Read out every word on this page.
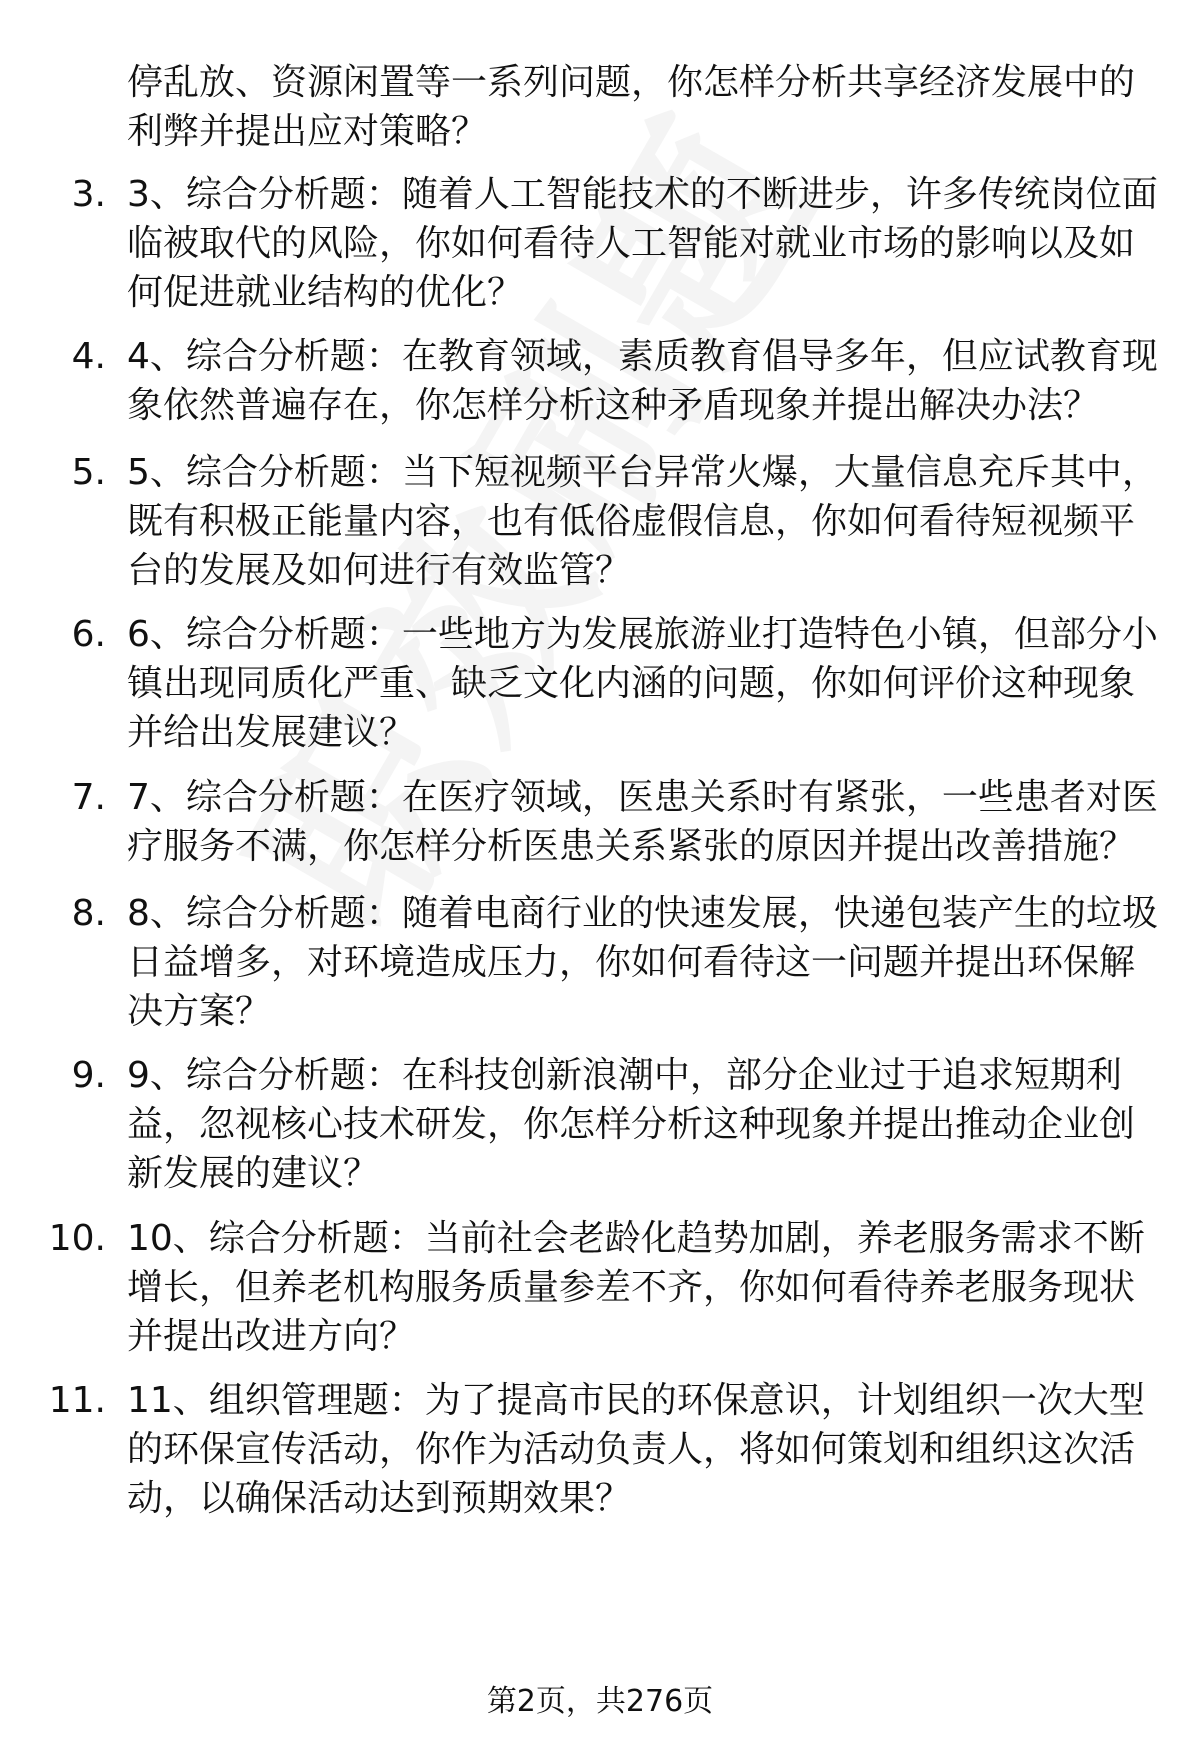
停乱放、资源闲置等一系列问题，你怎样分析共享经济发展中的
利弊并提出应对策略？
3. 3、综合分析题：随着人工智能技术的不断进步，许多传统岗位面
临被取代的风险，你如何看待人工智能对就业市场的影响以及如
何促进就业结构的优化？
4. 4、综合分析题：在教育领域，素质教育倡导多年，但应试教育现
象依然普遍存在，你怎样分析这种矛盾现象并提出解决办法？
5. 5、综合分析题：当下短视频平台异常火爆，大量信息充斥其中，
既有积极正能量内容，也有低俗虚假信息，你如何看待短视频平
台的发展及如何进行有效监管？
6. 6、综合分析题：一些地方为发展旅游业打造特色小镇，但部分小
镇出现同质化严重、缺乏文化内涵的问题，你如何评价这种现象
并给出发展建议？
7. 7、综合分析题：在医疗领域，医患关系时有紧张，一些患者对医
疗服务不满，你怎样分析医患关系紧张的原因并提出改善措施？
8. 8、综合分析题：随着电商行业的快速发展，快递包装产生的垃圾
日益增多，对环境造成压力，你如何看待这一问题并提出环保解
决方案？
9. 9、综合分析题：在科技创新浪潮中，部分企业过于追求短期利
益，忽视核心技术研发，你怎样分析这种现象并提出推动企业创
新发展的建议？
10. 10、综合分析题：当前社会老龄化趋势加剧，养老服务需求不断
增长，但养老机构服务质量参差不齐，你如何看待养老服务现状
并提出改进方向？
11. 11、组织管理题：为了提高市民的环保意识，计划组织一次大型
的环保宣传活动，你作为活动负责人，将如何策划和组织这次活
动，以确保活动达到预期效果？
第2页，共276页
